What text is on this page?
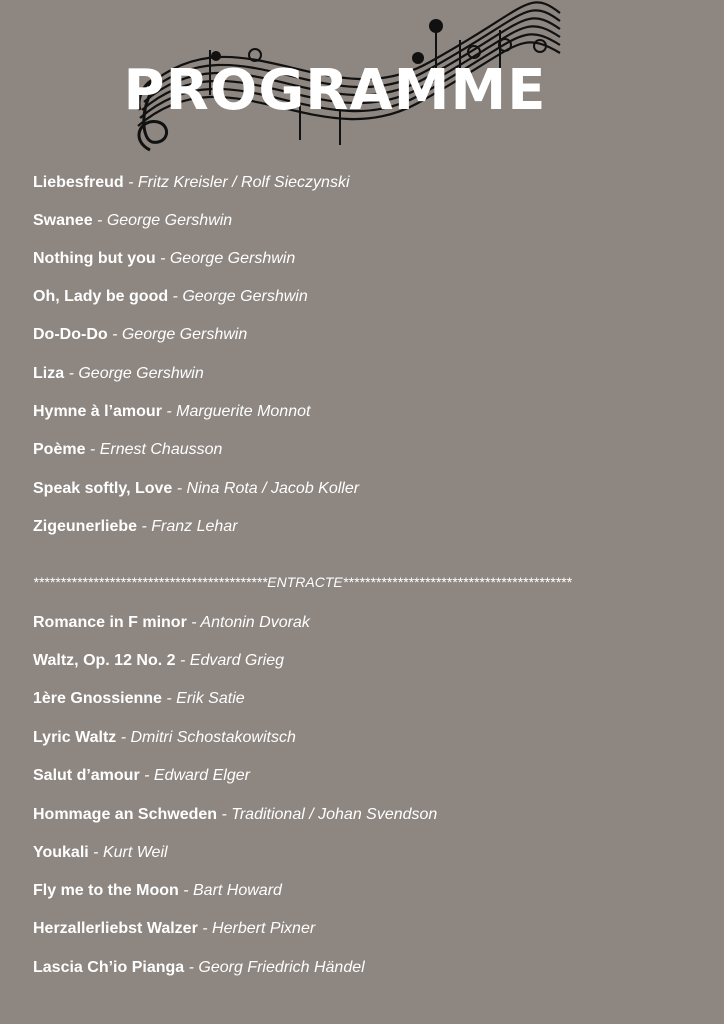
PROGRAMME
Liebesfreud - Fritz Kreisler / Rolf Sieczynski
Swanee - George Gershwin
Nothing but you - George Gershwin
Oh, Lady be good - George Gershwin
Do-Do-Do - George Gershwin
Liza - George Gershwin
Hymne à l’amour - Marguerite Monnot
Poème - Ernest Chausson
Speak softly, Love - Nina Rota / Jacob Koller
Zigeunerliebe - Franz Lehar
*******************************************ENTRACTE******************************************
Romance in F minor - Antonin Dvorak
Waltz, Op. 12 No. 2 - Edvard Grieg
1ère Gnossienne - Erik Satie
Lyric Waltz - Dmitri Schostakowitsch
Salut d’amour - Edward Elger
Hommage an Schweden - Traditional / Johan Svendson
Youkali - Kurt Weil
Fly me to the Moon - Bart Howard
Herzallerliebst Walzer - Herbert Pixner
Lascia Ch’io Pianga - Georg Friedrich Händel
